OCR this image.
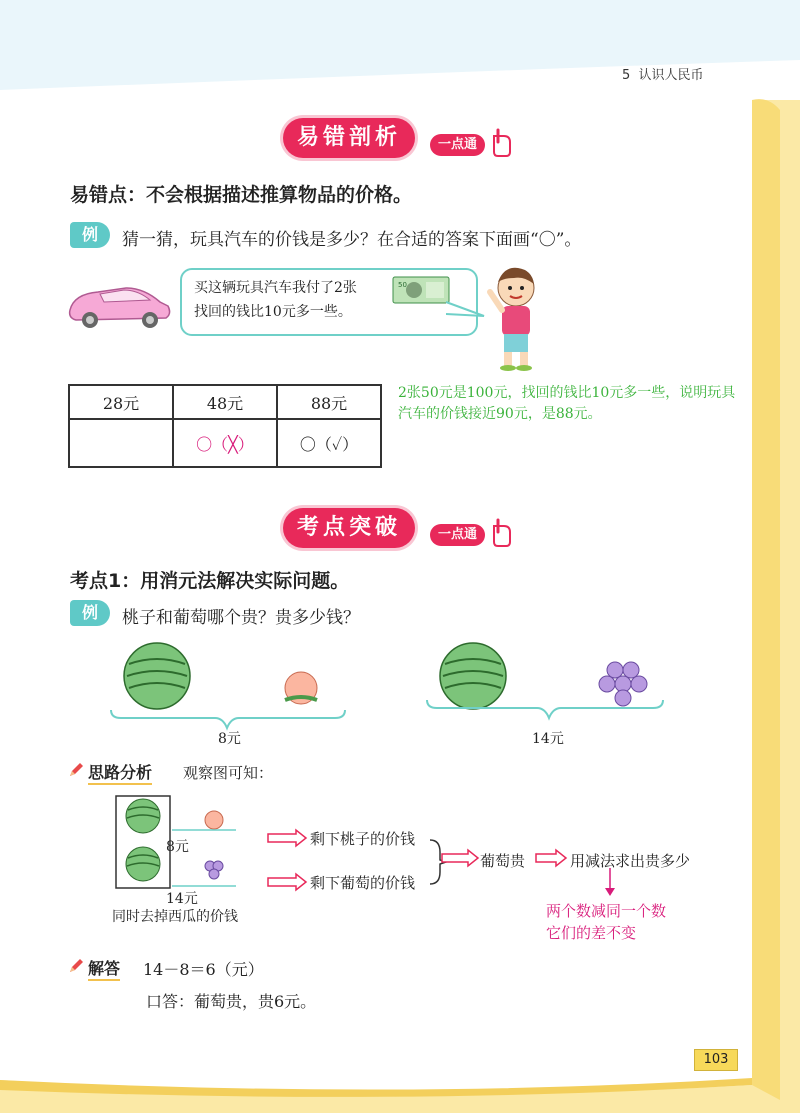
5 认识人民币
易错剖析	一点通
易错点：不会根据描述推算物品的价格。
例	猜一猜，玩具汽车的价钱是多少？在合适的答案下面画“〇”。
买这辆玩具汽车我付了2张
找回的钱比10元多一些。
50
28元	48元	88元
	〇（╳）	〇（✓）
2张50元是100元，找回的钱比10元多一些，说明玩具汽车的价钱接近90元，是88元。
考点突破	一点通
考点1：用消元法解决实际问题。
例	桃子和葡萄哪个贵？贵多少钱？
8元	14元
思路分析 观察图可知：
8元
14元
同时去掉西瓜的价钱
剩下桃子的价钱
剩下葡萄的价钱
葡萄贵	用减法求出贵多少
两个数减同一个数
它们的差不变
解答 14－8＝6（元）
口答：葡萄贵，贵6元。
103
